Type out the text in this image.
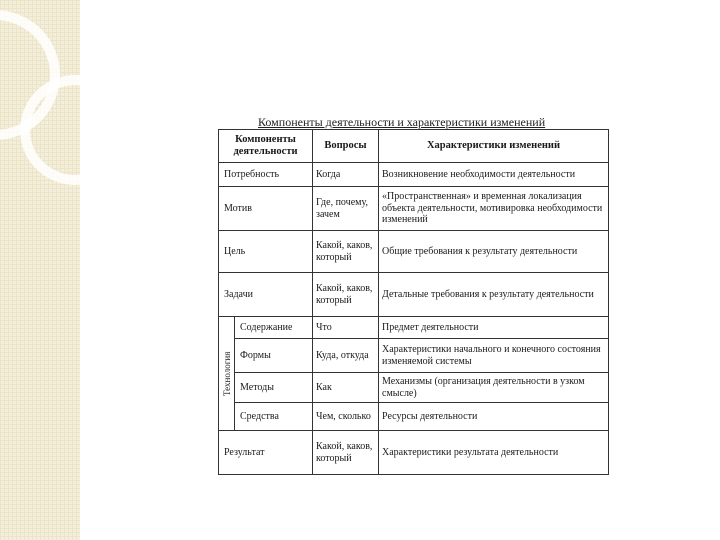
Компоненты деятельности и характеристики изменений
Компоненты деятельности		Вопросы	Характеристики изменений
Потребность		Когда	Возникновение необходимости деятельности
Мотив		Где, почему, зачем	«Пространственная» и временная локализация объекта деятельности, мотивировка необходимости изменений
Цель		Какой, каков, который	Общие требования к результату деятельности
Задачи		Какой, каков, который	Детальные требования к результату деятельности
Технология	Содержание	Что	Предмет деятельности
	Формы	Куда, откуда	Характеристики начального и конечного состояния изменяемой системы
	Методы	Как	Механизмы (организация деятельности в узком смысле)
	Средства	Чем, сколько	Ресурсы деятельности
Результат		Какой, каков, который	Характеристики результата деятельности
